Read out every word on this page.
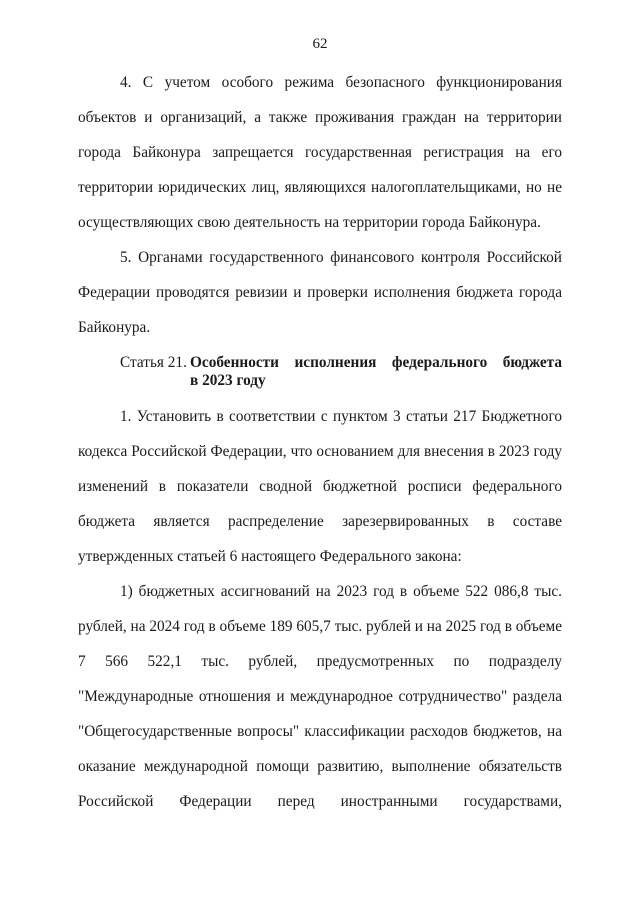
62
4. С учетом особого режима безопасного функционирования
объектов и организаций, а также проживания граждан на территории
города Байконура запрещается государственная регистрация на его
территории юридических лиц, являющихся налогоплательщиками, но не
осуществляющих свою деятельность на территории города Байконура.
5. Органами государственного финансового контроля Российской
Федерации проводятся ревизии и проверки исполнения бюджета города
Байконура.
Статья 21. Особенности исполнения федерального бюджета
в 2023 году
1. Установить в соответствии с пунктом 3 статьи 217 Бюджетного
кодекса Российской Федерации, что основанием для внесения в 2023 году
изменений в показатели сводной бюджетной росписи федерального
бюджета является распределение зарезервированных в составе
утвержденных статьей 6 настоящего Федерального закона:
1) бюджетных ассигнований на 2023 год в объеме 522 086,8 тыс.
рублей, на 2024 год в объеме 189 605,7 тыс. рублей и на 2025 год в объеме
7 566 522,1 тыс. рублей, предусмотренных по подразделу
"Международные отношения и международное сотрудничество" раздела
"Общегосударственные вопросы" классификации расходов бюджетов, на
оказание международной помощи развитию, выполнение обязательств
Российской Федерации перед иностранными государствами,
